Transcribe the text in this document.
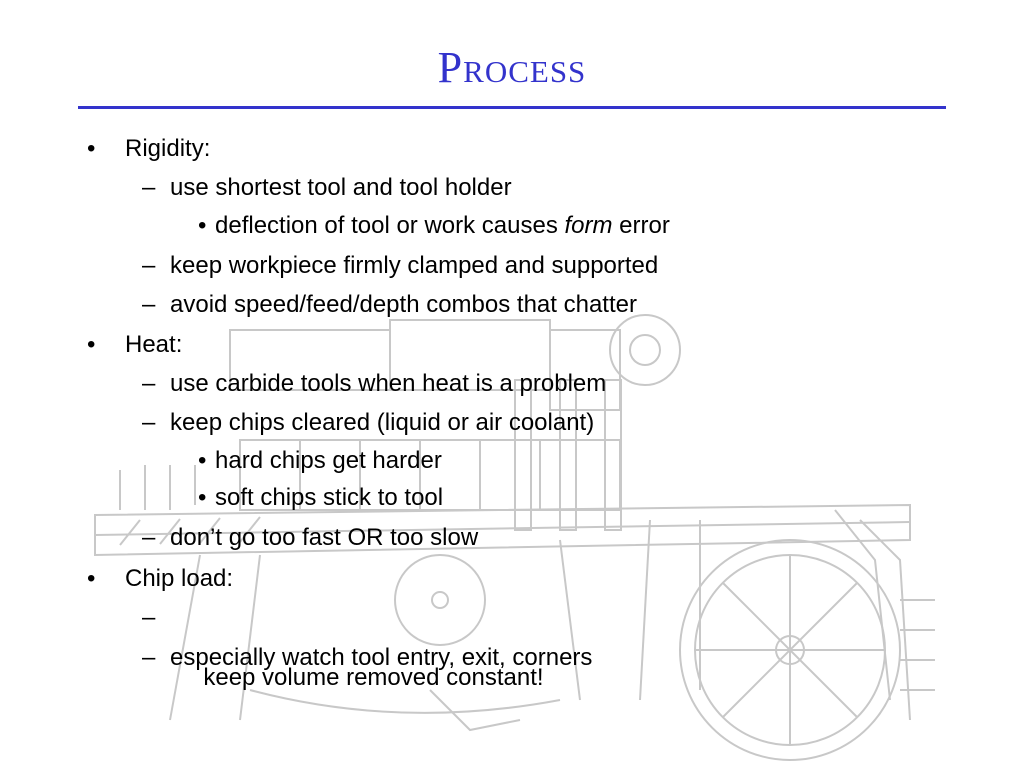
Process
• Rigidity:
– use shortest tool and tool holder
• deflection of tool or work causes form error
– keep workpiece firmly clamped and supported
– avoid speed/feed/depth combos that chatter
• Heat:
– use carbide tools when heat is a problem
– keep chips cleared (liquid or air coolant)
• hard chips get harder
• soft chips stick to tool
– don’t go too fast OR too slow
• Chip load:

–

keep volume removed constant!

– especially watch tool entry, exit, corners
